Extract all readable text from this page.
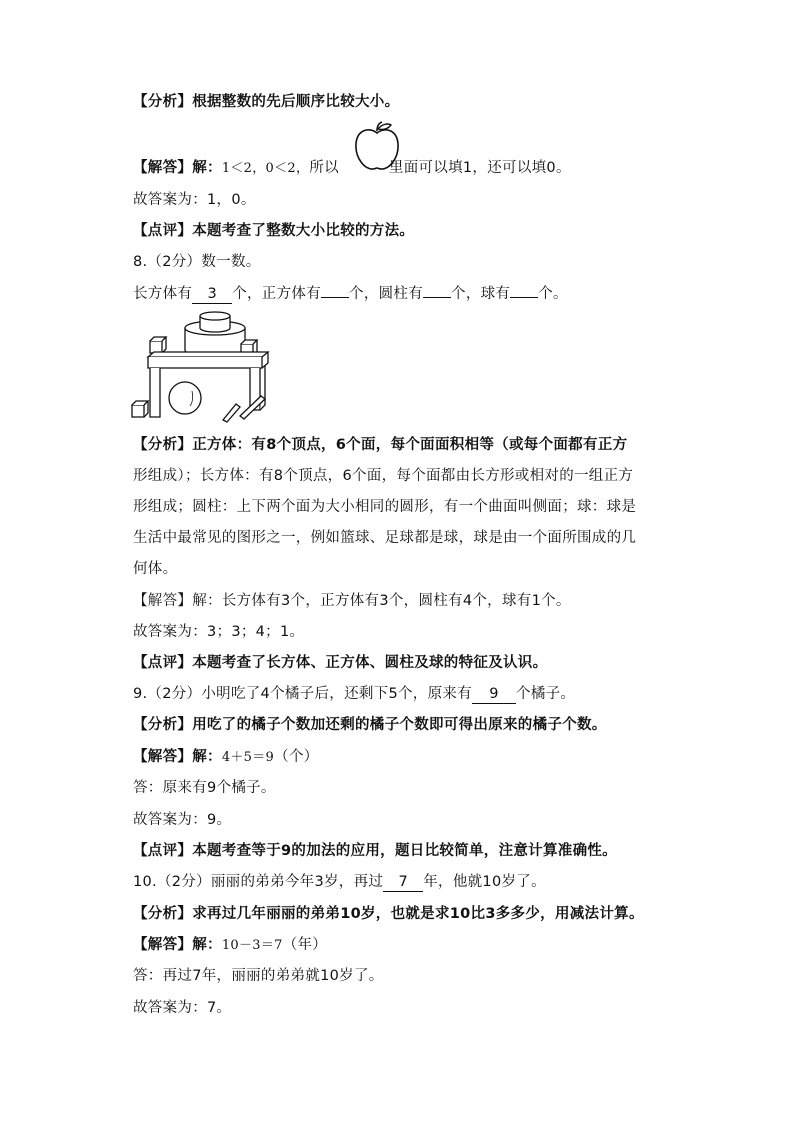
【分析】根据整数的先后顺序比较大小。
【解答】解：1＜2，0＜2，所以	里面可以填1，还可以填0。
故答案为：1，0。
【点评】本题考查了整数大小比较的方法。
8.（2分）数一数。
长方体有 3 个，正方体有 个，圆柱有 个，球有 个。
【分析】正方体：有8个顶点，6个面，每个面面积相等（或每个面都有正方
形组成）；长方体：有8个顶点，6个面，每个面都由长方形或相对的一组正方
形组成；圆柱：上下两个面为大小相同的圆形，有一个曲面叫侧面；球：球是
生活中最常见的图形之一，例如篮球、足球都是球，球是由一个面所围成的几
何体。
【解答】解：长方体有3个，正方体有3个，圆柱有4个，球有1个。
故答案为：3；3；4；1。
【点评】本题考查了长方体、正方体、圆柱及球的特征及认识。
9.（2分）小明吃了4个橘子后，还剩下5个，原来有 9 个橘子。
【分析】用吃了的橘子个数加还剩的橘子个数即可得出原来的橘子个数。
【解答】解：4＋5＝9（个）
答：原来有9个橘子。
故答案为：9。
【点评】本题考查等于9的加法的应用，题日比较简单，注意计算准确性。
10.（2分）丽丽的弟弟今年3岁，再过 7 年，他就10岁了。
【分析】求再过几年丽丽的弟弟10岁，也就是求10比3多多少，用减法计算。
【解答】解：10－3＝7（年）
答：再过7年，丽丽的弟弟就10岁了。
故答案为：7。
